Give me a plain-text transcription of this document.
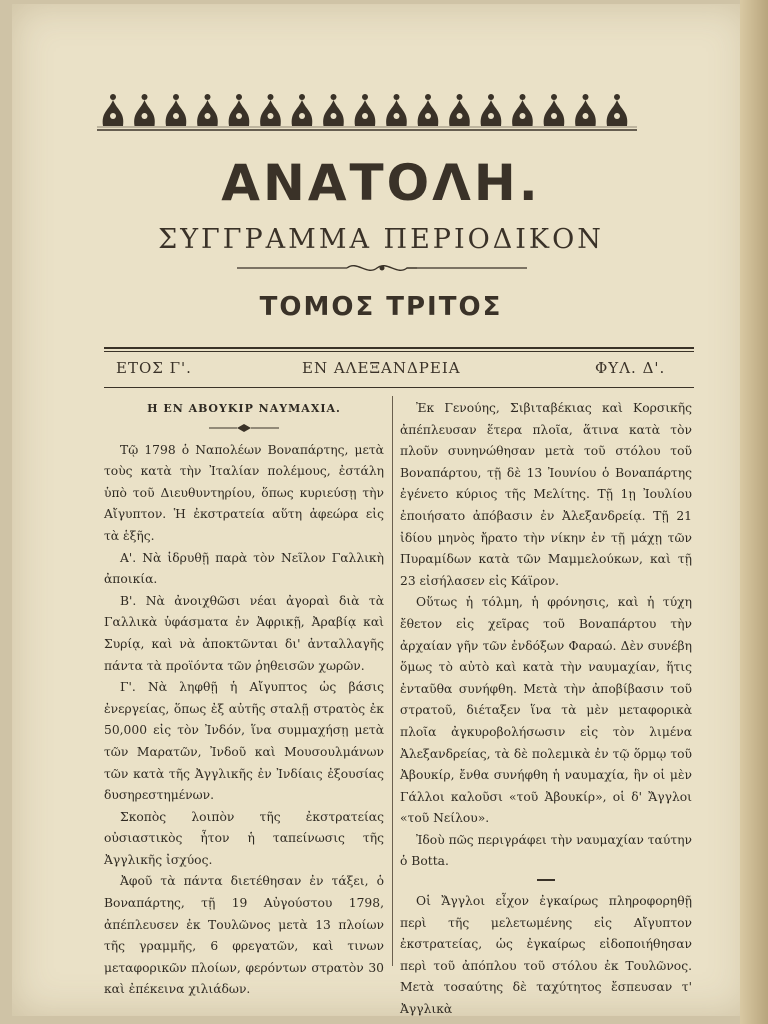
ΑΝΑΤΟΛΗ.
ΣΥΓΓΡΑΜΜΑ ΠΕΡΙΟΔΙΚΟΝ
ΤΟΜΟΣ ΤΡΙΤΟΣ
ΕΤΟΣ Γ'.	ΕΝ ΑΛΕΞΑΝΔΡΕΙΑ	ΦΥΛ. Δ'.

Η ΕΝ ΑΒΟΥΚΙΡ ΝΑΥΜΑΧΙΑ.

Τῷ 1798 ὁ Ναπολέων Βοναπάρτης, μετὰ τοὺς κατὰ τὴν Ἰταλίαν πολέμους, ἐστάλη ὑπὸ τοῦ Διευθυντηρίου, ὅπως κυριεύσῃ τὴν Αἴγυπτον. Ἡ ἐκστρατεία αὕτη ἀφεώρα εἰς τὰ ἑξῆς.

Α'. Νὰ ἱδρυθῇ παρὰ τὸν Νεῖλον Γαλλικὴ ἀποικία.

Β'. Νὰ ἀνοιχθῶσι νέαι ἀγοραὶ διὰ τὰ Γαλλικὰ ὑφάσματα ἐν Ἀφρικῇ, Ἀραβίᾳ καὶ Συρίᾳ, καὶ νὰ ἀποκτῶνται δι' ἀνταλλαγῆς πάντα τὰ προϊόντα τῶν ῥηθεισῶν χωρῶν.

Γ'. Νὰ ληφθῇ ἡ Αἴγυπτος ὡς βάσις ἐνεργείας, ὅπως ἐξ αὐτῆς σταλῇ στρατὸς ἐκ 50,000 εἰς τὸν Ἰνδόν, ἵνα συμμαχήσῃ μετὰ τῶν Μαρατῶν, Ἰνδοῦ καὶ Μουσουλμάνων τῶν κατὰ τῆς Ἀγγλικῆς ἐν Ἰνδίαις ἐξουσίας δυσηρεστημένων.

Σκοπὸς λοιπὸν τῆς ἐκστρατείας οὐσιαστικὸς ἦτον ἡ ταπείνωσις τῆς Ἀγγλικῆς ἰσχύος.

Ἀφοῦ τὰ πάντα διετέθησαν ἐν τάξει, ὁ Βοναπάρτης, τῇ 19 Αὐγούστου 1798, ἀπέπλευσεν ἐκ Τουλῶνος μετὰ 13 πλοίων τῆς γραμμῆς, 6 φρεγατῶν, καὶ τινων μεταφορικῶν πλοίων, φερόντων στρατὸν 30 καὶ ἐπέκεινα χιλιάδων.

Ἐκ Γενούης, Σιβιταβέκιας καὶ Κορσικῆς ἀπέπλευσαν ἕτερα πλοῖα, ἅτινα κατὰ τὸν πλοῦν συνηνώθησαν μετὰ τοῦ στόλου τοῦ Βοναπάρτου, τῇ δὲ 13 Ἰουνίου ὁ Βοναπάρτης ἐγένετο κύριος τῆς Μελίτης. Τῇ 1ῃ Ἰουλίου ἐποιήσατο ἀπόβασιν ἐν Ἀλεξανδρείᾳ. Τῇ 21 ἰδίου μηνὸς ἤρατο τὴν νίκην ἐν τῇ μάχῃ τῶν Πυραμίδων κατὰ τῶν Μαμμελούκων, καὶ τῇ 23 εἰσήλασεν εἰς Κάϊρον.

Οὕτως ἡ τόλμη, ἡ φρόνησις, καὶ ἡ τύχη ἔθετον εἰς χεῖρας τοῦ Βοναπάρτου τὴν ἀρχαίαν γῆν τῶν ἐνδόξων Φαραώ. Δὲν συνέβη ὅμως τὸ αὐτὸ καὶ κατὰ τὴν ναυμαχίαν, ἥτις ἐνταῦθα συνήφθη. Μετὰ τὴν ἀποβίβασιν τοῦ στρατοῦ, διέταξεν ἵνα τὰ μὲν μεταφορικὰ πλοῖα ἀγκυροβολήσωσιν εἰς τὸν λιμένα Ἀλεξανδρείας, τὰ δὲ πολεμικὰ ἐν τῷ ὅρμῳ τοῦ Ἀβουκίρ, ἔνθα συνήφθη ἡ ναυμαχία, ἣν οἱ μὲν Γάλλοι καλοῦσι «τοῦ Ἀβουκίρ», οἱ δ' Ἄγγλοι «τοῦ Νείλου».

Ἰδοὺ πῶς περιγράφει τὴν ναυμαχίαν ταύτην ὁ Botta.

Οἱ Ἄγγλοι εἶχον ἐγκαίρως πληροφορηθῇ περὶ τῆς μελετωμένης εἰς Αἴγυπτον ἐκστρατείας, ὡς ἐγκαίρως εἰδοποιήθησαν περὶ τοῦ ἀπόπλου τοῦ στόλου ἐκ Τουλῶνος. Μετὰ τοσαύτης δὲ ταχύτητος ἔσπευσαν τ' Ἀγγλικὰ
